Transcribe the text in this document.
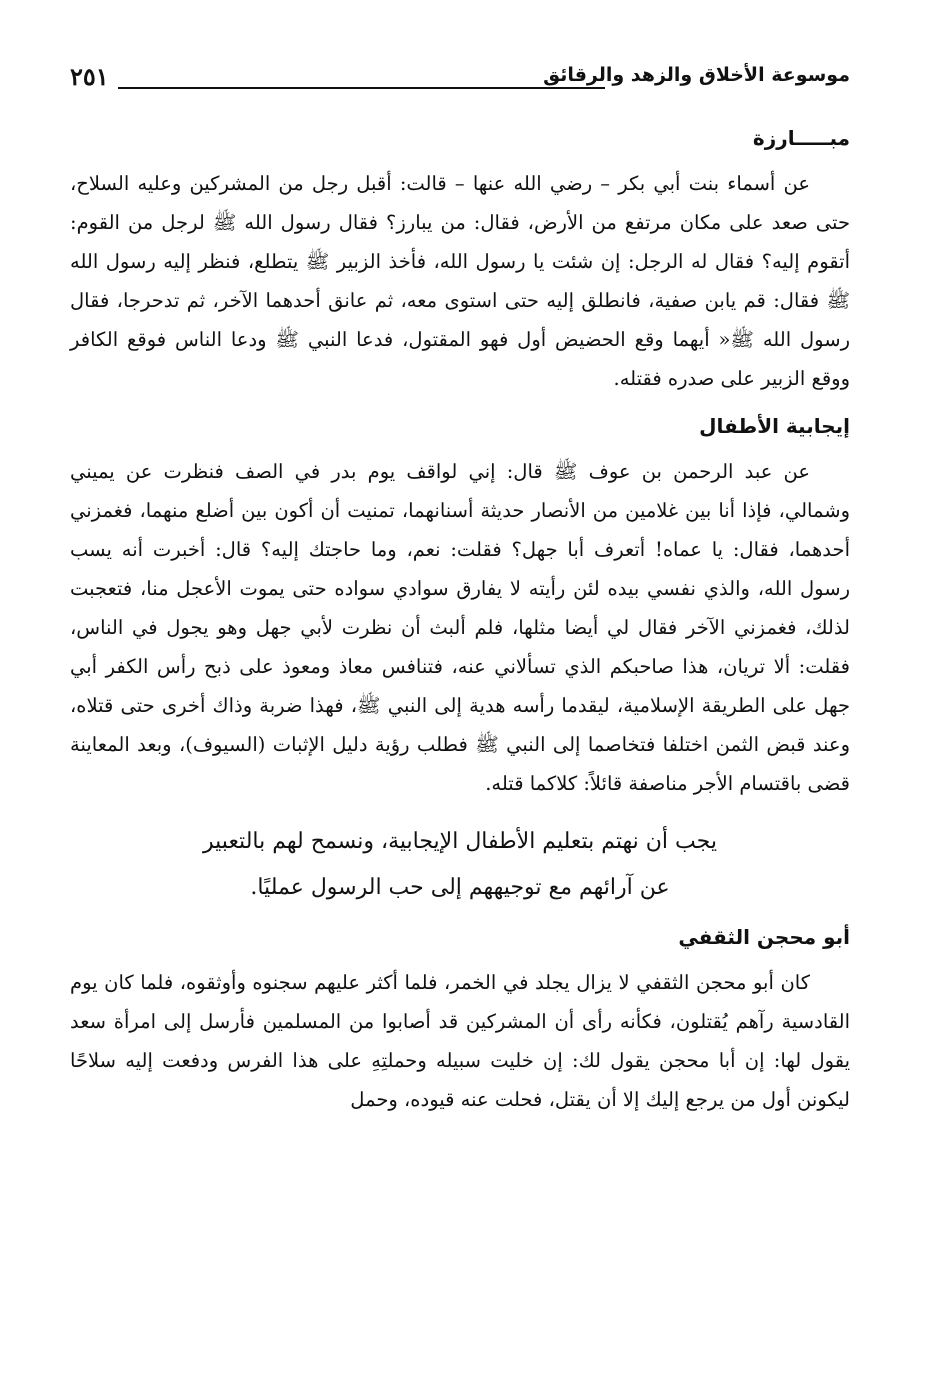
موسوعة الأخلاق والزهد والرقائق
٢٥١
مبـــــارزة

عن أسماء بنت أبي بكر – رضي الله عنها – قالت: أقبل رجل من المشركين وعليه السلاح، حتى صعد على مكان مرتفع من الأرض، فقال: من يبارز؟ فقال رسول الله ﷺ لرجل من القوم: أتقوم إليه؟ فقال له الرجل: إن شئت يا رسول الله، فأخذ الزبير ﷺ يتطلع، فنظر إليه رسول الله ﷺ فقال: قم يابن صفية، فانطلق إليه حتى استوى معه، ثم عانق أحدهما الآخر، ثم تدحرجا، فقال رسول الله ﷺ« أيهما وقع الحضيض أول فهو المقتول، فدعا النبي ﷺ ودعا الناس فوقع الكافر ووقع الزبير على صدره فقتله.

إيجابية الأطفال

عن عبد الرحمن بن عوف ﷺ قال: إني لواقف يوم بدر في الصف فنظرت عن يميني وشمالي، فإذا أنا بين غلامين من الأنصار حديثة أسنانهما، تمنيت أن أكون بين أضلع منهما، فغمزني أحدهما، فقال: يا عماه! أتعرف أبا جهل؟ فقلت: نعم، وما حاجتك إليه؟ قال: أخبرت أنه يسب رسول الله، والذي نفسي بيده لئن رأيته لا يفارق سوادي سواده حتى يموت الأعجل منا، فتعجبت لذلك، فغمزني الآخر فقال لي أيضا مثلها، فلم ألبث أن نظرت لأبي جهل وهو يجول في الناس، فقلت: ألا تريان، هذا صاحبكم الذي تسألاني عنه، فتنافس معاذ ومعوذ على ذبح رأس الكفر أبي جهل على الطريقة الإسلامية، ليقدما رأسه هدية إلى النبي ﷺ، فهذا ضربة وذاك أخرى حتى قتلاه، وعند قبض الثمن اختلفا فتخاصما إلى النبي ﷺ فطلب رؤية دليل الإثبات (السيوف)، وبعد المعاينة قضى باقتسام الأجر مناصفة قائلاً: كلاكما قتله.

يجب أن نهتم بتعليم الأطفال الإيجابية، ونسمح لهم بالتعبير
عن آرائهم مع توجيههم إلى حب الرسول عمليًا.
أبو محجن الثقفي

كان أبو محجن الثقفي لا يزال يجلد في الخمر، فلما أكثر عليهم سجنوه وأوثقوه، فلما كان يوم القادسية رآهم يُقتلون، فكأنه رأى أن المشركين قد أصابوا من المسلمين فأرسل إلى امرأة سعد يقول لها: إن أبا محجن يقول لك: إن خليت سبيله وحملتِهِ على هذا الفرس ودفعت إليه سلاحًا ليكونن أول من يرجع إليك إلا أن يقتل، فحلت عنه قيوده، وحمل
